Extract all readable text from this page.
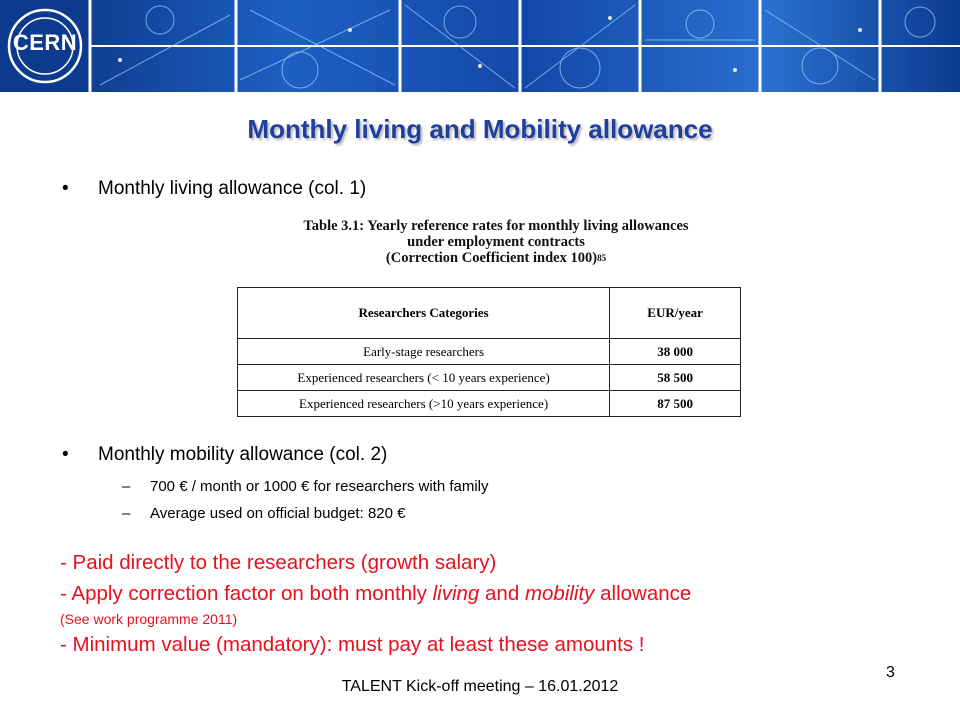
CERN
Monthly living and Mobility allowance
•	Monthly living allowance (col. 1)
Table 3.1: Yearly reference rates for monthly living allowances
under employment contracts
(Correction Coefficient index 100)$^{85}$
Researchers Categories	EUR/year
Early-stage researchers	38 000
Experienced researchers (< 10 years experience)	58 500
Experienced researchers (>10 years experience)	87 500
•	Monthly mobility allowance (col. 2)
– 700 € / month or 1000 € for researchers with family
– Average used on official budget: 820 €
- Paid directly to the researchers (growth salary)
- Apply correction factor on both monthly living and mobility allowance
(See work programme 2011)
- Minimum value (mandatory): must pay at least these amounts !
TALENT Kick-off meeting – 16.01.2012
3
